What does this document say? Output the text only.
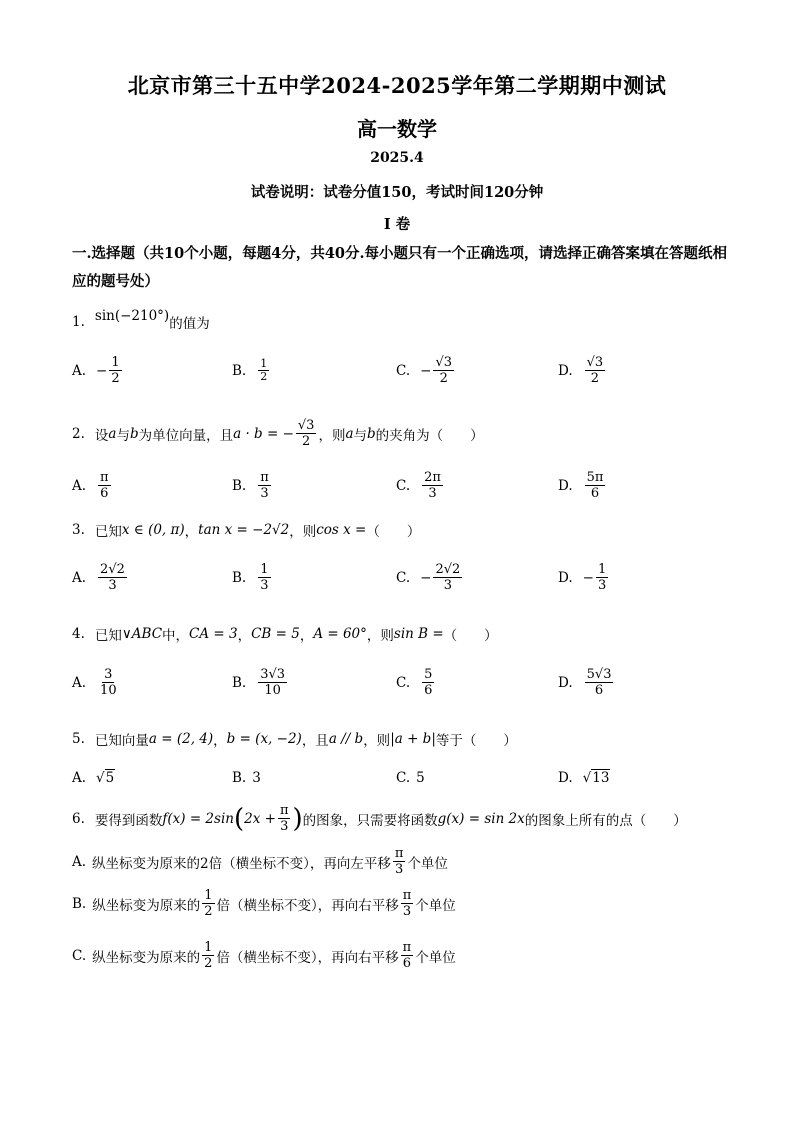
北京市第三十五中学2024-2025学年第二学期期中测试
高一数学
2025.4
试卷说明：试卷分值150，考试时间120分钟
I 卷
一.选择题（共10个小题，每题4分，共40分.每小题只有一个正确选项，请选择正确答案填在答题纸相应的题号处）
1. sin(−210°) 的值为
A. − $\frac{1}{2}$	B. $\frac{1}{2}$	C. − $\frac{√3}{2}$	D. $\frac{√3}{2}$
2. 设 a 与 b 为单位向量，且 a · b = − $\frac{√3}{2}$ ，则 a 与 b 的夹角为（　　）
A. $\frac{\pi}{6}$	B. $\frac{\pi}{3}$	C. $\frac{2\pi}{3}$	D. $\frac{5\pi}{6}$
3. 已知 x ∈ (0, π) ， tan x = −2√2 ，则 cos x = （　　）
A. $\frac{2√2}{3}$	B. $\frac{1}{3}$	C. − $\frac{2√2}{3}$	D. − $\frac{1}{3}$
4. 已知 ∨ABC 中， CA = 3 ， CB = 5 ， A = 60° ，则 sin B = （　　）
A. $\frac{3}{10}$	B. $\frac{3√3}{10}$	C. $\frac{5}{6}$	D. $\frac{5√3}{6}$
5. 已知向量 a = (2, 4) ， b = (x, −2) ，且 a // b ，则 |a + b| 等于（　　）
A. √5	B. 3	C. 5	D. √13
6. 要得到函数 f(x) = 2sin ( $2x + \frac{\pi}{3}$ ) 的图象，只需要将函数 g(x) = sin 2x 的图象上所有的点（　　）
A. 纵坐标变为原来的2倍（横坐标不变），再向左平移 $\frac{\pi}{3}$ 个单位
B. 纵坐标变为原来的 $\frac{1}{2}$ 倍（横坐标不变），再向右平移 $\frac{\pi}{3}$ 个单位
C. 纵坐标变为原来的 $\frac{1}{2}$ 倍（横坐标不变），再向右平移 $\frac{\pi}{6}$ 个单位
